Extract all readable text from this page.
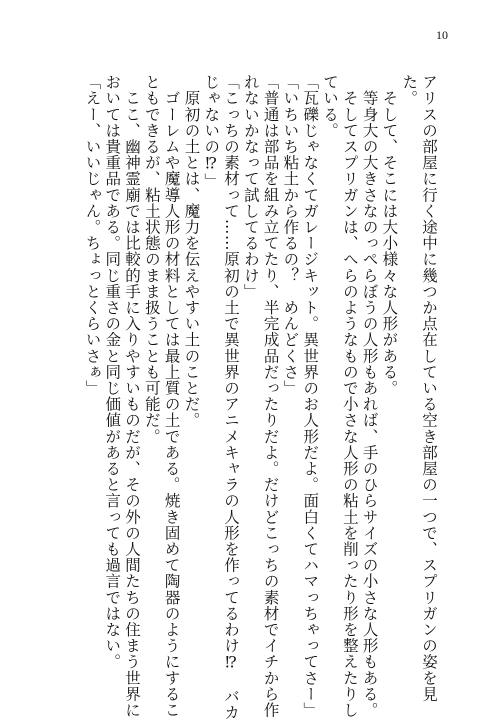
10
アリスの部屋に行く途中に幾つか点在している空き部屋の一つで、スプリガンの姿を見
た。
　そして、そこには大小様々な人形がある。
　等身大の大きさなのっぺらぼうの人形もあれば、手のひらサイズの小さな人形もある。
　そしてスプリガンは、へらのようなもので小さな人形の粘土を削ったり形を整えたりし
ている。
「瓦礫じゃなくてガレージキット。異世界のお人形だよ。面白くてハマっちゃってさー」
「いちいち粘土から作るの？　めんどくさ」
「普通は部品を組み立てたり、半完成品だったりだよ。だけどこっちの素材でイチから作
れないかなって試してるわけ」
「こっちの素材って……原初の土で異世界のアニメキャラの人形を作ってるわけ⁉　バカ
じゃないの⁉」
　原初の土とは、魔力を伝えやすい土のことだ。
　ゴーレムや魔導人形の材料としては最上質の土である。焼き固めて陶器のようにするこ
ともできるが、粘土状態のまま扱うことも可能だ。
　ここ、幽神霊廟では比較的手に入りやすいものだが、その外の人間たちの住まう世界に
おいては貴重品である。同じ重さの金と同じ価値があると言っても過言ではない。
「えー、いいじゃん。ちょっとくらいさぁ」
